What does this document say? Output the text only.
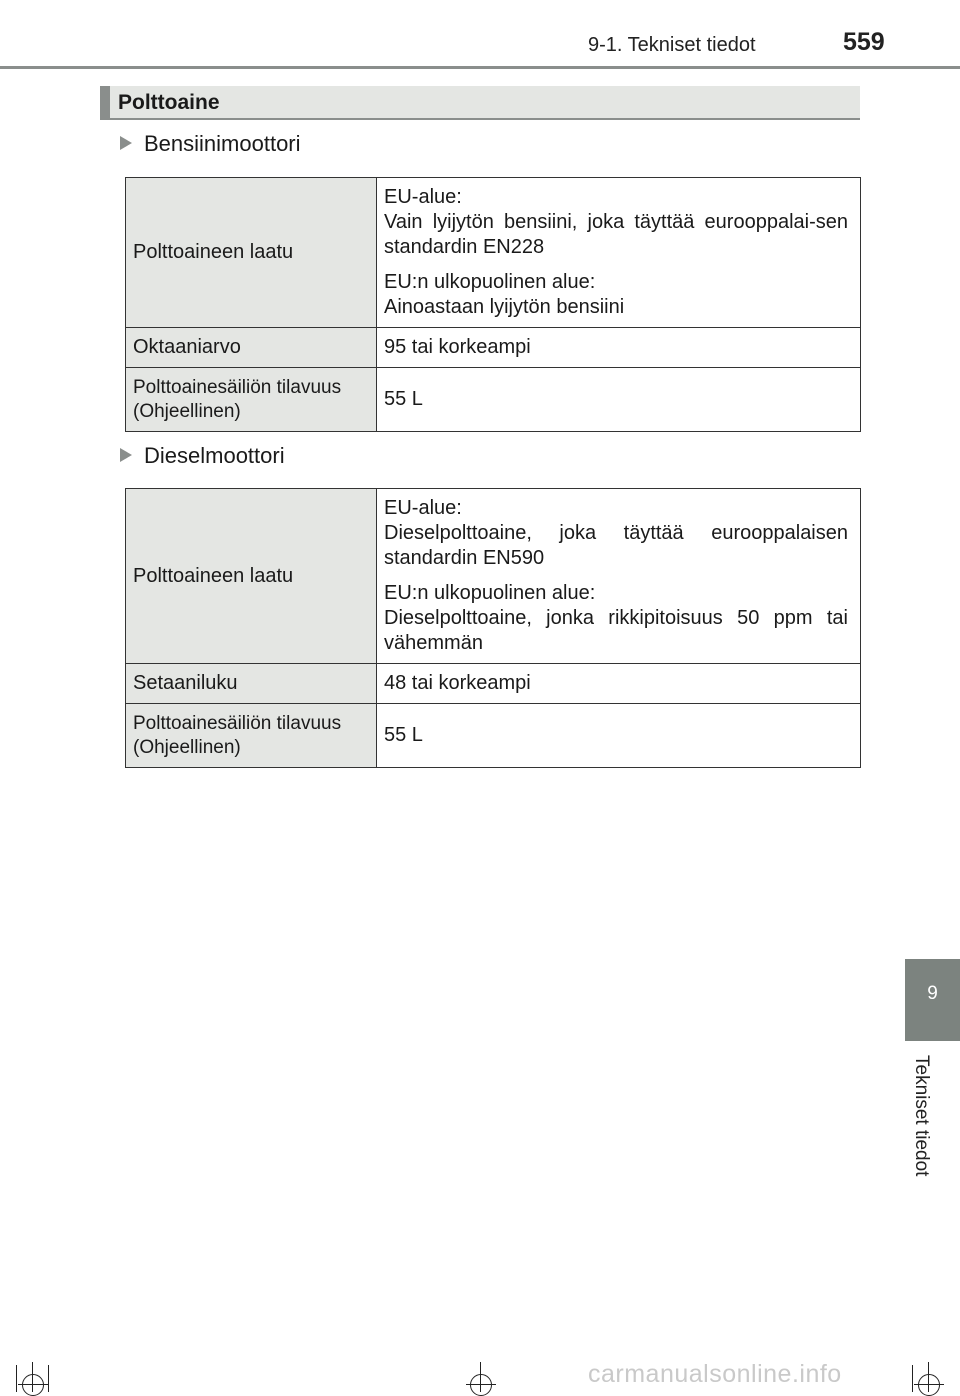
9-1. Tekniset tiedot	559
Polttoaine
Bensiinimoottori
Polttoaineen laatu	EU-alue:
Vain lyijytön bensiini, joka täyttää eurooppalai-sen standardin EN228

EU:n ulkopuolinen alue:
Ainoastaan lyijytön bensiini

Oktaaniarvo	95 tai korkeampi
Polttoainesäiliön tilavuus
(Ohjeellinen)	55 L
Dieselmoottori
Polttoaineen laatu	EU-alue:
Dieselpolttoaine, joka täyttää eurooppalaisen standardin EN590

EU:n ulkopuolinen alue:
Dieselpolttoaine, jonka rikkipitoisuus 50 ppm tai vähemmän

Setaaniluku	48 tai korkeampi
Polttoainesäiliön tilavuus
(Ohjeellinen)	55 L
9
Tekniset tiedot
carmanualsonline.info
